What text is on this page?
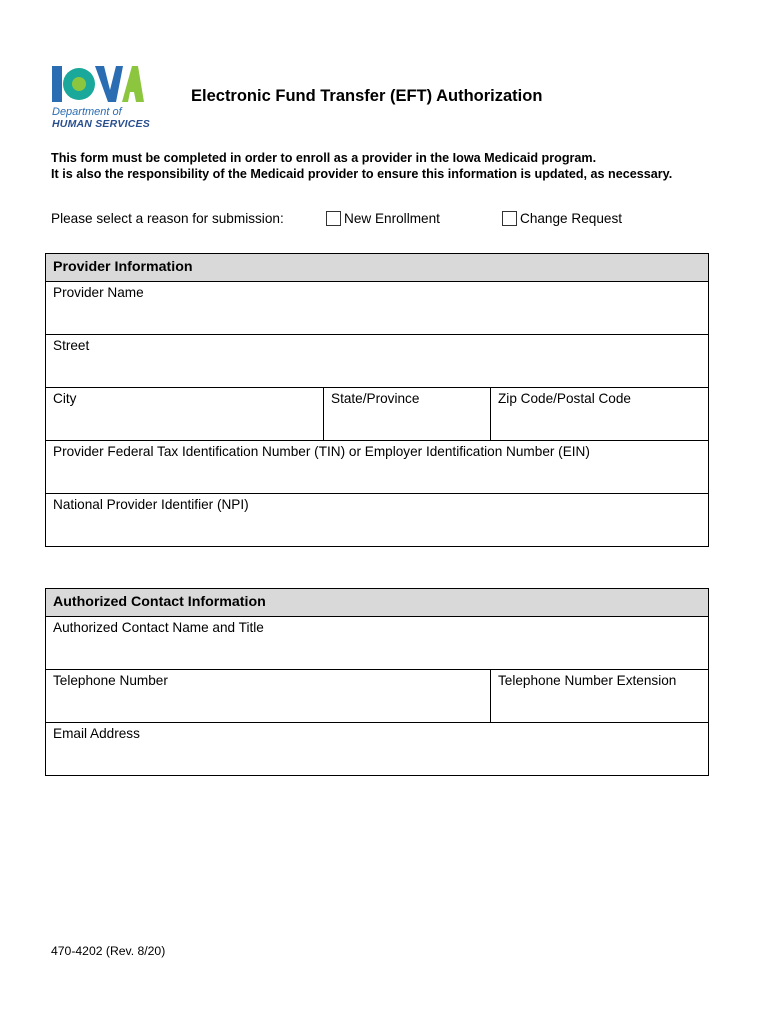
Department of
HUMAN SERVICES
Electronic Fund Transfer (EFT) Authorization
This form must be completed in order to enroll as a provider in the Iowa Medicaid program.
It is also the responsibility of the Medicaid provider to ensure this information is updated, as necessary.
Please select a reason for submission:	New Enrollment	Change Request
Provider Information
Provider Name
Street
City	State/Province	Zip Code/Postal Code
Provider Federal Tax Identification Number (TIN) or Employer Identification Number (EIN)
National Provider Identifier (NPI)
Authorized Contact Information
Authorized Contact Name and Title
Telephone Number	Telephone Number Extension
Email Address
470-4202 (Rev. 8/20)
